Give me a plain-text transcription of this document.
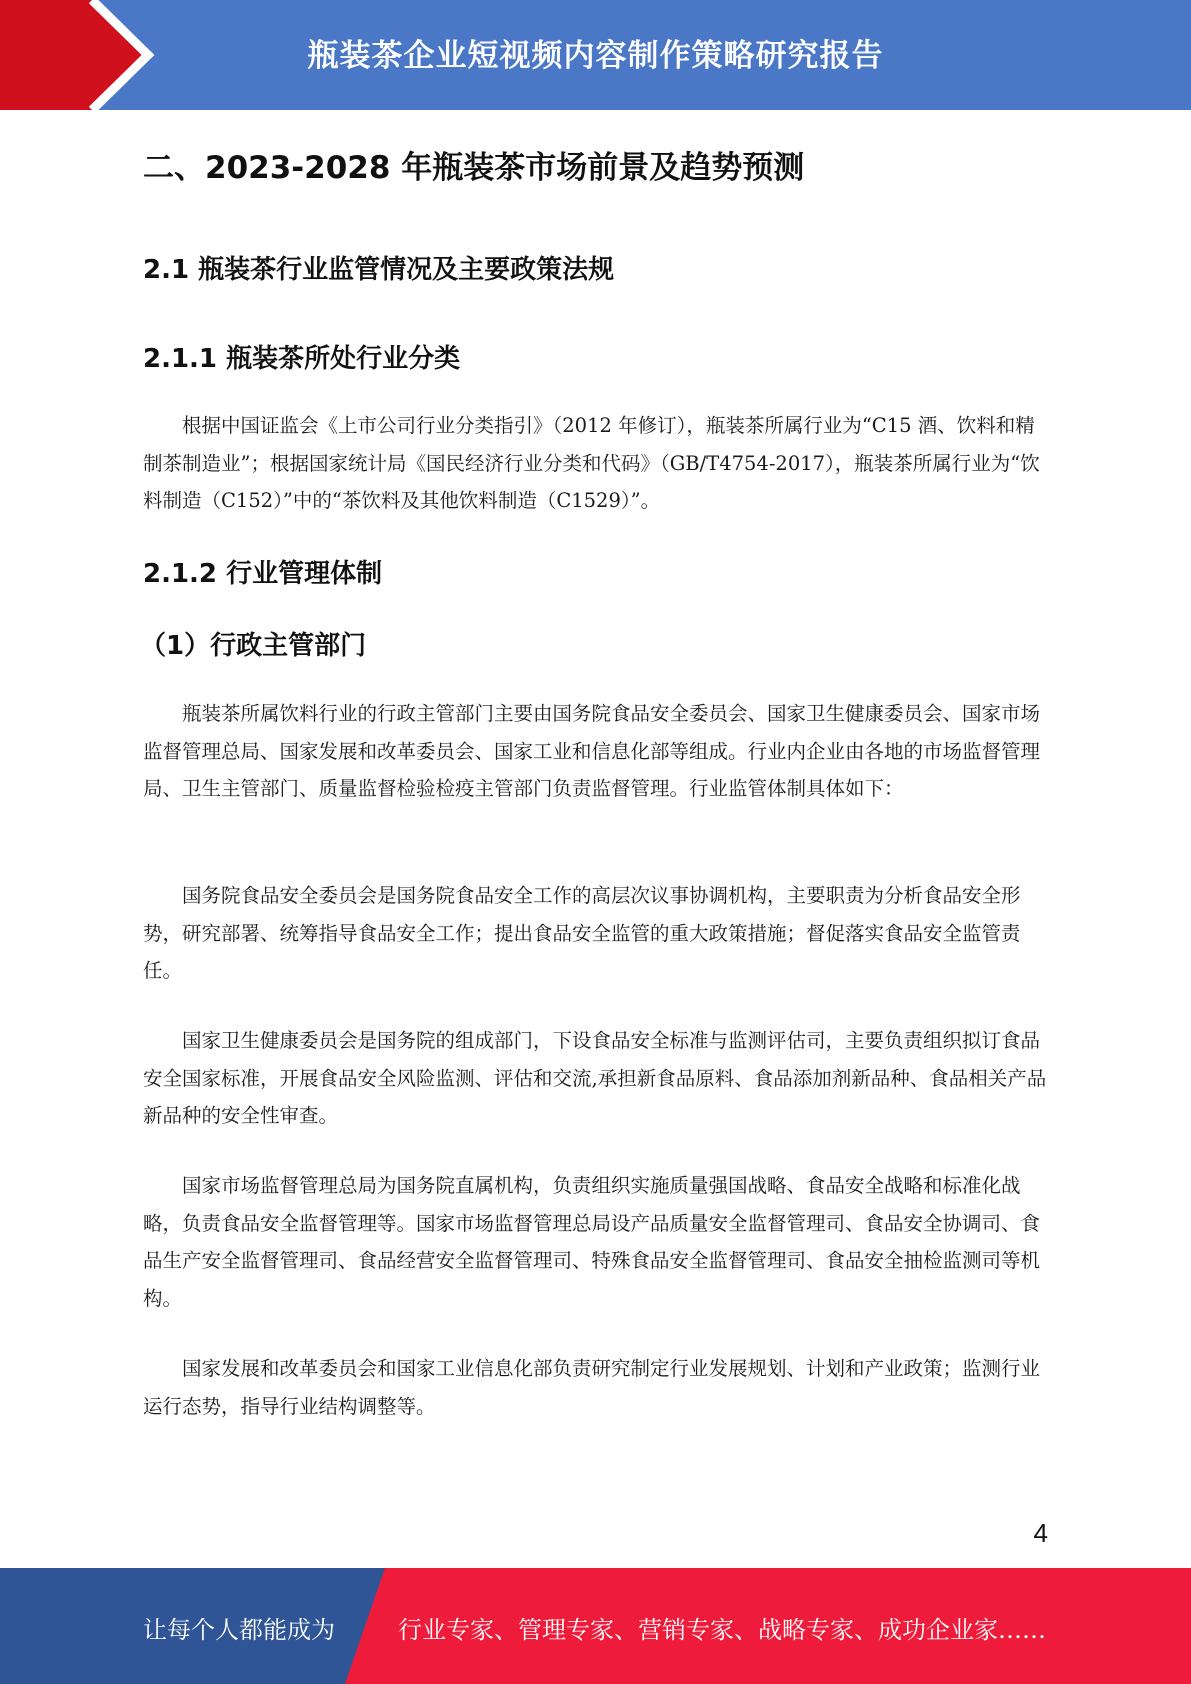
瓶装茶企业短视频内容制作策略研究报告
二、2023-2028 年瓶装茶市场前景及趋势预测
2.1 瓶装茶行业监管情况及主要政策法规
2.1.1 瓶装茶所处行业分类

根据中国证监会《上市公司行业分类指引》（2012 年修订），瓶装茶所属行业为“C15 酒、饮料和精制茶制造业”；根据国家统计局《国民经济行业分类和代码》（GB/T4754-2017），瓶装茶所属行业为“饮料制造（C152）”中的“茶饮料及其他饮料制造（C1529）”。

2.1.2 行业管理体制
（1）行政主管部门

瓶装茶所属饮料行业的行政主管部门主要由国务院食品安全委员会、国家卫生健康委员会、国家市场监督管理总局、国家发展和改革委员会、国家工业和信息化部等组成。行业内企业由各地的市场监督管理局、卫生主管部门、质量监督检验检疫主管部门负责监督管理。行业监管体制具体如下：

国务院食品安全委员会是国务院食品安全工作的高层次议事协调机构，主要职责为分析食品安全形势，研究部署、统筹指导食品安全工作；提出食品安全监管的重大政策措施；督促落实食品安全监管责任。

国家卫生健康委员会是国务院的组成部门，下设食品安全标准与监测评估司，主要负责组织拟订食品安全国家标准，开展食品安全风险监测、评估和交流,承担新食品原料、食品添加剂新品种、食品相关产品新品种的安全性审查。

国家市场监督管理总局为国务院直属机构，负责组织实施质量强国战略、食品安全战略和标准化战略，负责食品安全监督管理等。国家市场监督管理总局设产品质量安全监督管理司、食品安全协调司、食品生产安全监督管理司、食品经营安全监督管理司、特殊食品安全监督管理司、食品安全抽检监测司等机构。

国家发展和改革委员会和国家工业信息化部负责研究制定行业发展规划、计划和产业政策；监测行业运行态势，指导行业结构调整等。

4
让每个人都能成为	行业专家、管理专家、营销专家、战略专家、成功企业家……
